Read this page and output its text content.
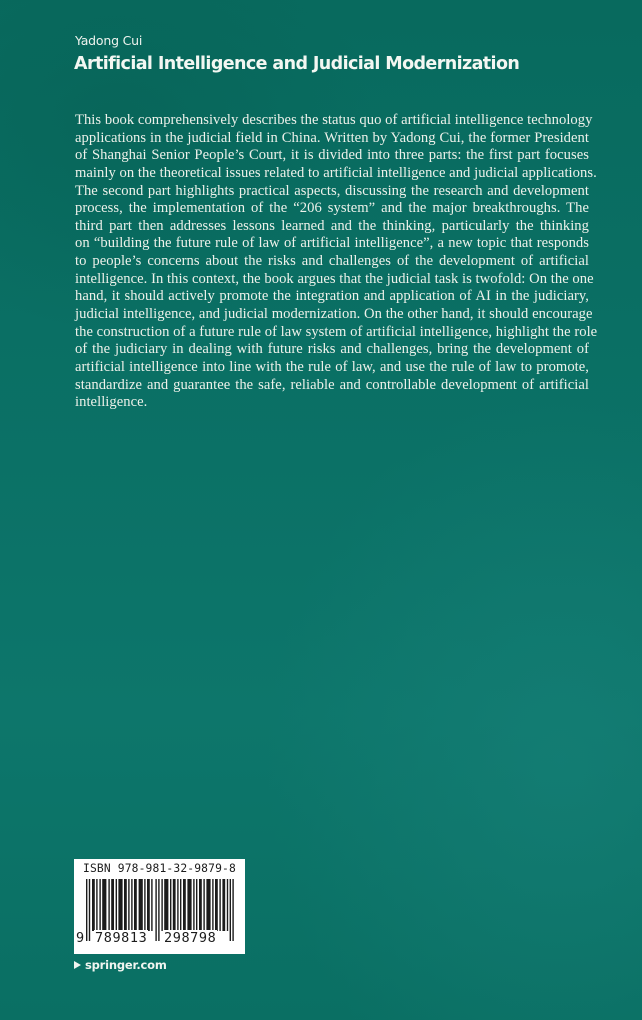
Yadong Cui
Artificial Intelligence and Judicial Modernization

This book comprehensively describes the status quo of artificial intelligence technology
applications in the judicial field in China. Written by Yadong Cui, the former President
of Shanghai Senior People’s Court, it is divided into three parts: the first part focuses
mainly on the theoretical issues related to artificial intelligence and judicial applications.
The second part highlights practical aspects, discussing the research and development
process, the implementation of the “206 system” and the major breakthroughs. The
third part then addresses lessons learned and the thinking, particularly the thinking
on “building the future rule of law of artificial intelligence”, a new topic that responds
to people’s concerns about the risks and challenges of the development of artificial
intelligence. In this context, the book argues that the judicial task is twofold: On the one
hand, it should actively promote the integration and application of AI in the judiciary,
judicial intelligence, and judicial modernization. On the other hand, it should encourage
the construction of a future rule of law system of artificial intelligence, highlight the role
of the judiciary in dealing with future risks and challenges, bring the development of
artificial intelligence into line with the rule of law, and use the rule of law to promote,
standardize and guarantee the safe, reliable and controllable development of artificial
intelligence.

ISBN 978-981-32-9879-8
9 789813 298798
springer.com
